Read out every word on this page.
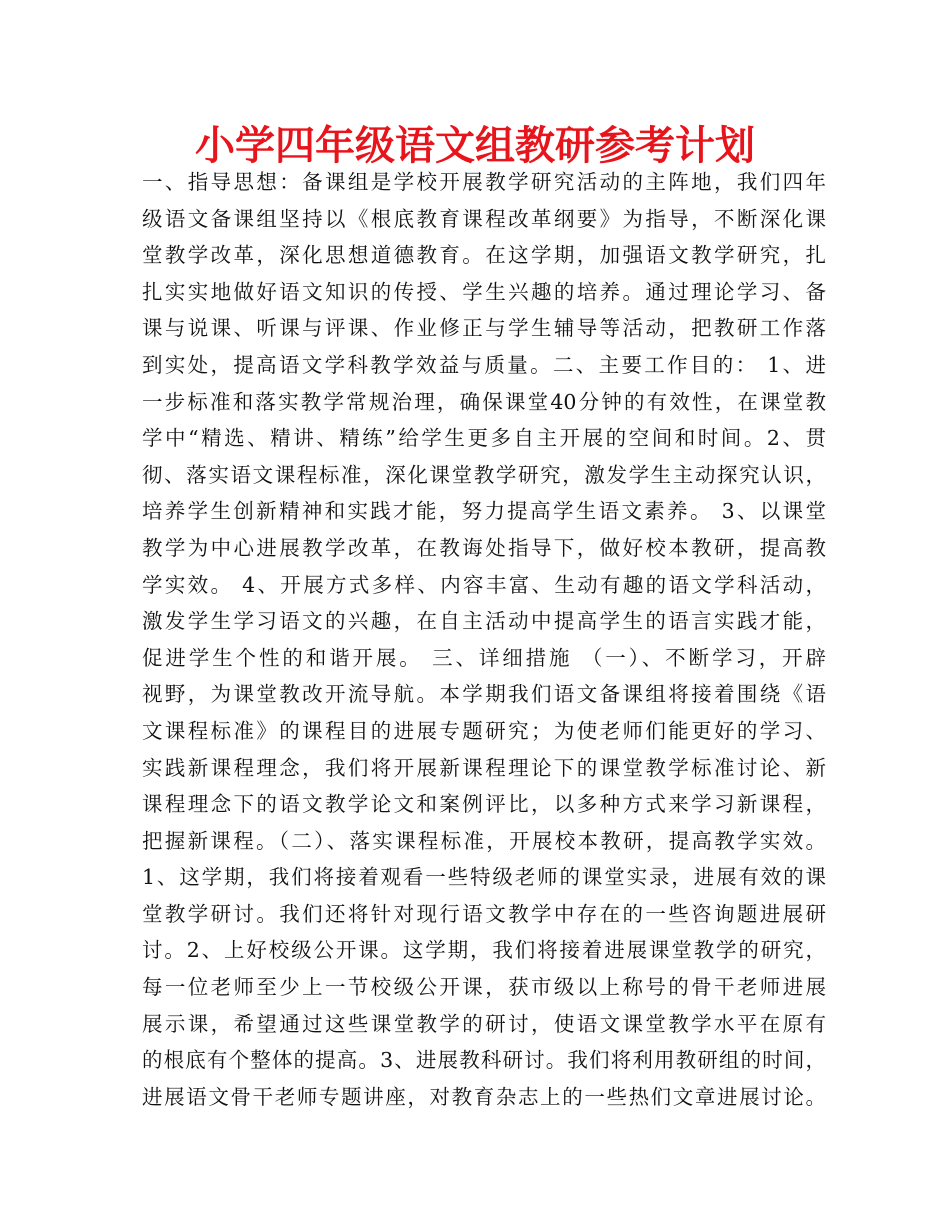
小学四年级语文组教研参考计划
一、指导思想：备课组是学校开展教学研究活动的主阵地，我们四年
级语文备课组坚持以《根底教育课程改革纲要》为指导，不断深化课
堂教学改革，深化思想道德教育。在这学期，加强语文教学研究，扎
扎实实地做好语文知识的传授、学生兴趣的培养。通过理论学习、备
课与说课、听课与评课、作业修正与学生辅导等活动，把教研工作落
到实处，提高语文学科教学效益与质量。二、主要工作目的： 1、进
一步标准和落实教学常规治理，确保课堂40分钟的有效性，在课堂教
学中“精选、精讲、精练”给学生更多自主开展的空间和时间。2、贯
彻、落实语文课程标准，深化课堂教学研究，激发学生主动探究认识，
培养学生创新精神和实践才能，努力提高学生语文素养。 3、以课堂
教学为中心进展教学改革，在教诲处指导下，做好校本教研，提高教
学实效。 4、开展方式多样、内容丰富、生动有趣的语文学科活动，
激发学生学习语文的兴趣，在自主活动中提高学生的语言实践才能，
促进学生个性的和谐开展。 三、详细措施 （一）、不断学习，开辟
视野，为课堂教改开流导航。本学期我们语文备课组将接着围绕《语
文课程标准》的课程目的进展专题研究；为使老师们能更好的学习、
实践新课程理念，我们将开展新课程理论下的课堂教学标准讨论、新
课程理念下的语文教学论文和案例评比，以多种方式来学习新课程，
把握新课程。（二）、落实课程标准，开展校本教研，提高教学实效。
1、这学期，我们将接着观看一些特级老师的课堂实录，进展有效的课
堂教学研讨。我们还将针对现行语文教学中存在的一些咨询题进展研
讨。2、上好校级公开课。这学期，我们将接着进展课堂教学的研究，
每一位老师至少上一节校级公开课，获市级以上称号的骨干老师进展
展示课，希望通过这些课堂教学的研讨，使语文课堂教学水平在原有
的根底有个整体的提高。3、进展教科研讨。我们将利用教研组的时间，
进展语文骨干老师专题讲座，对教育杂志上的一些热们文章进展讨论。
